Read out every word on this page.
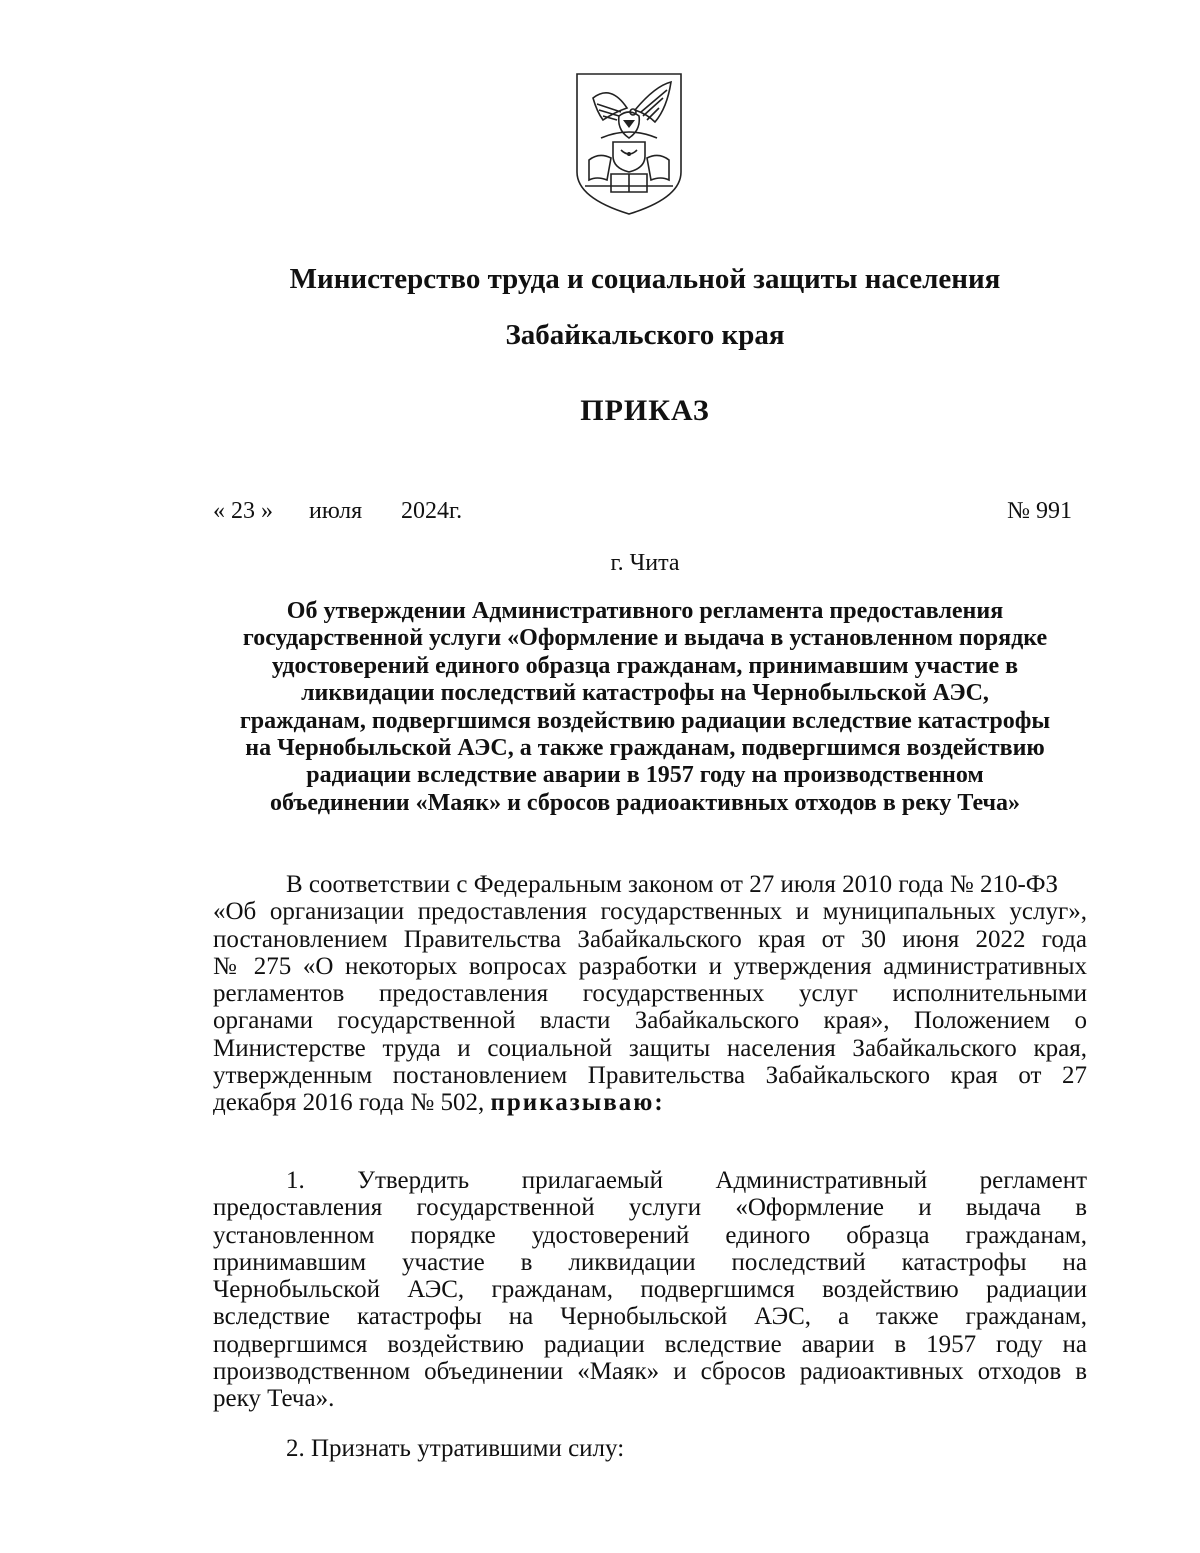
Министерство труда и социальной защиты населения
Забайкальского края
ПРИКАЗ
« 23 » июля 2024г.	№ 991
г. Чита
Об утверждении Административного регламента предоставления
государственной услуги «Оформление и выдача в установленном порядке
удостоверений единого образца гражданам, принимавшим участие в
ликвидации последствий катастрофы на Чернобыльской АЭС,
гражданам, подвергшимся воздействию радиации вследствие катастрофы
на Чернобыльской АЭС, а также гражданам, подвергшимся воздействию
радиации вследствие аварии в 1957 году на производственном
объединении «Маяк» и сбросов радиоактивных отходов в реку Теча»
В соответствии с Федеральным законом от 27 июля 2010 года № 210-ФЗ
«Об организации предоставления государственных и муниципальных услуг»,
постановлением Правительства Забайкальского края от 30 июня 2022 года
№ 275 «О некоторых вопросах разработки и утверждения административных
регламентов предоставления государственных услуг исполнительными
органами государственной власти Забайкальского края», Положением о
Министерстве труда и социальной защиты населения Забайкальского края,
утвержденным постановлением Правительства Забайкальского края от 27
декабря 2016 года № 502, приказываю:
1. Утвердить прилагаемый Административный регламент
предоставления государственной услуги «Оформление и выдача в
установленном порядке удостоверений единого образца гражданам,
принимавшим участие в ликвидации последствий катастрофы на
Чернобыльской АЭС, гражданам, подвергшимся воздействию радиации
вследствие катастрофы на Чернобыльской АЭС, а также гражданам,
подвергшимся воздействию радиации вследствие аварии в 1957 году на
производственном объединении «Маяк» и сбросов радиоактивных отходов в
реку Теча».
2. Признать утратившими силу:
